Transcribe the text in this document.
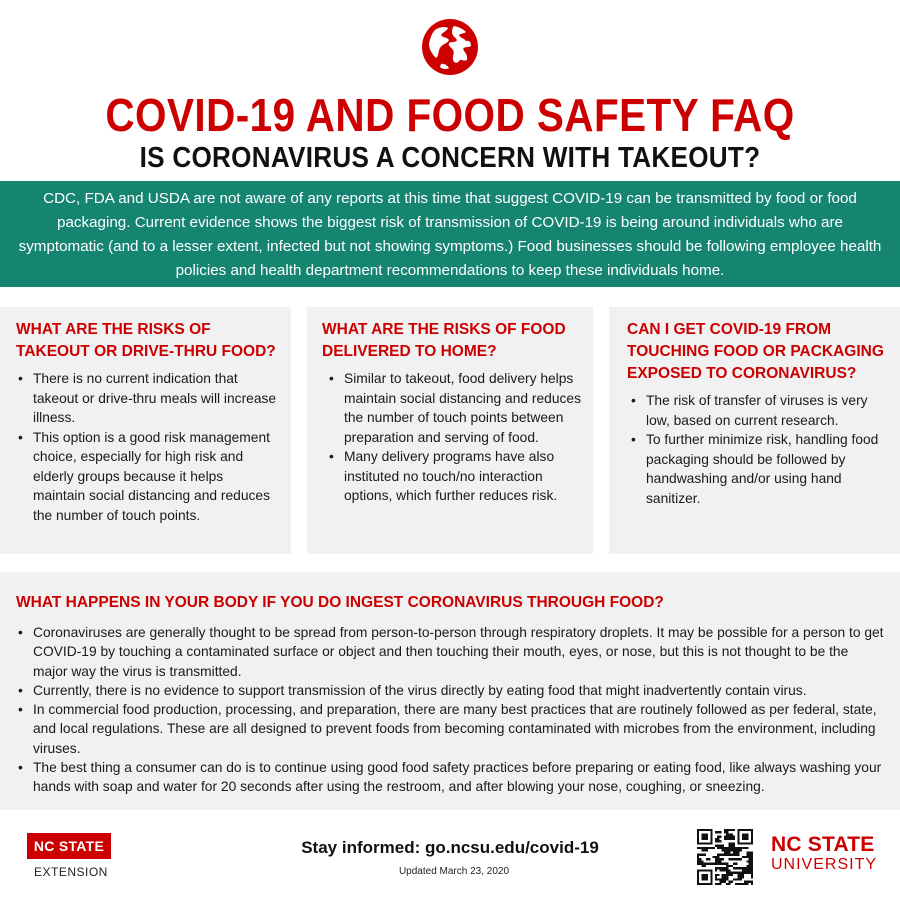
COVID-19 AND FOOD SAFETY FAQ
IS CORONAVIRUS A CONCERN WITH TAKEOUT?

CDC, FDA and USDA are not aware of any reports at this time that suggest COVID-19 can be transmitted by food or food packaging. Current evidence shows the biggest risk of transmission of COVID-19 is being around individuals who are symptomatic (and to a lesser extent, infected but not showing symptoms.) Food businesses should be following employee health policies and health department recommendations to keep these individuals home.

WHAT ARE THE RISKS OF TAKEOUT OR DRIVE-THRU FOOD?
• There is no current indication that takeout or drive-thru meals will increase illness.
• This option is a good risk management choice, especially for high risk and elderly groups because it helps maintain social distancing and reduces the number of touch points.
WHAT ARE THE RISKS OF FOOD DELIVERED TO HOME?
• Similar to takeout, food delivery helps maintain social distancing and reduces the number of touch points between preparation and serving of food.
• Many delivery programs have also instituted no touch/no interaction options, which further reduces risk.
CAN I GET COVID-19 FROM TOUCHING FOOD OR PACKAGING EXPOSED TO CORONAVIRUS?
• The risk of transfer of viruses is very low, based on current research.
• To further minimize risk, handling food packaging should be followed by handwashing and/or using hand sanitizer.
WHAT HAPPENS IN YOUR BODY IF YOU DO INGEST CORONAVIRUS THROUGH FOOD?
• Coronaviruses are generally thought to be spread from person-to-person through respiratory droplets. It may be possible for a person to get COVID-19 by touching a contaminated surface or object and then touching their mouth, eyes, or nose, but this is not thought to be the major way the virus is transmitted.
• Currently, there is no evidence to support transmission of the virus directly by eating food that might inadvertently contain virus.
• In commercial food production, processing, and preparation, there are many best practices that are routinely followed as per federal, state, and local regulations. These are all designed to prevent foods from becoming contaminated with microbes from the environment, including viruses.
• The best thing a consumer can do is to continue using good food safety practices before preparing or eating food, like always washing your hands with soap and water for 20 seconds after using the restroom, and after blowing your nose, coughing, or sneezing.
NC STATE
EXTENSION
Stay informed: go.ncsu.edu/covid-19
Updated March 23, 2020
NC STATE
UNIVERSITY
